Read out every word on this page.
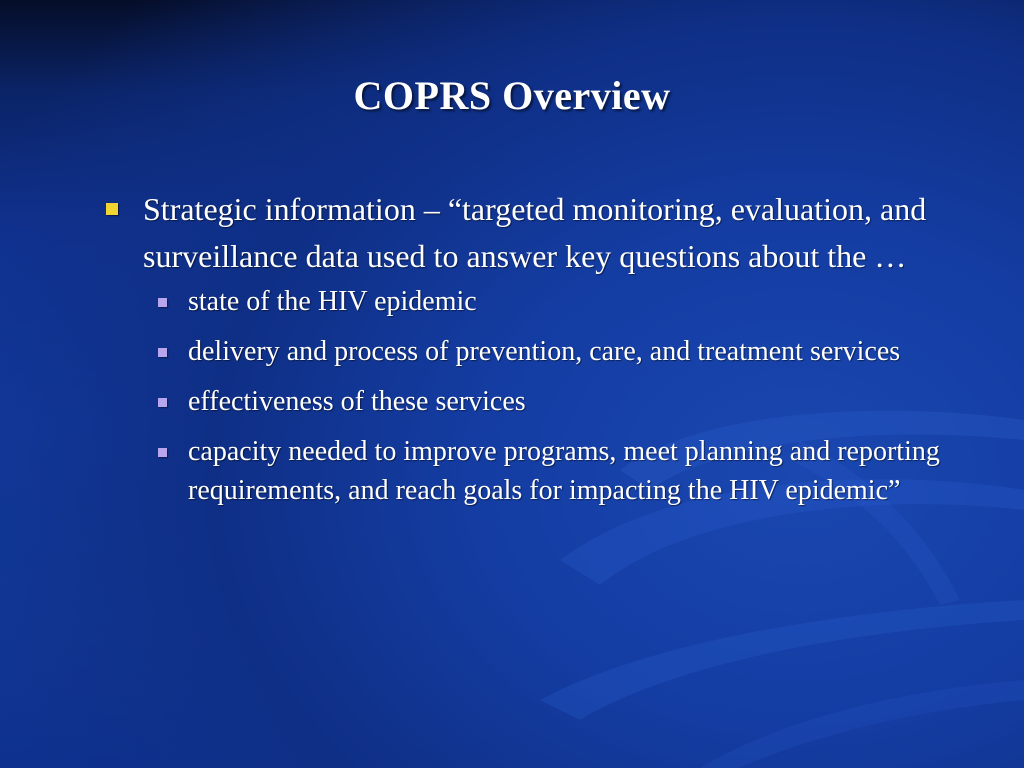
COPRS Overview
Strategic information – “targeted monitoring, evaluation, and surveillance data used to answer key questions about the …
state of the HIV epidemic
delivery and process of prevention, care, and treatment services
effectiveness of these services
capacity needed to improve programs, meet planning and reporting requirements, and reach goals for impacting the HIV epidemic”
